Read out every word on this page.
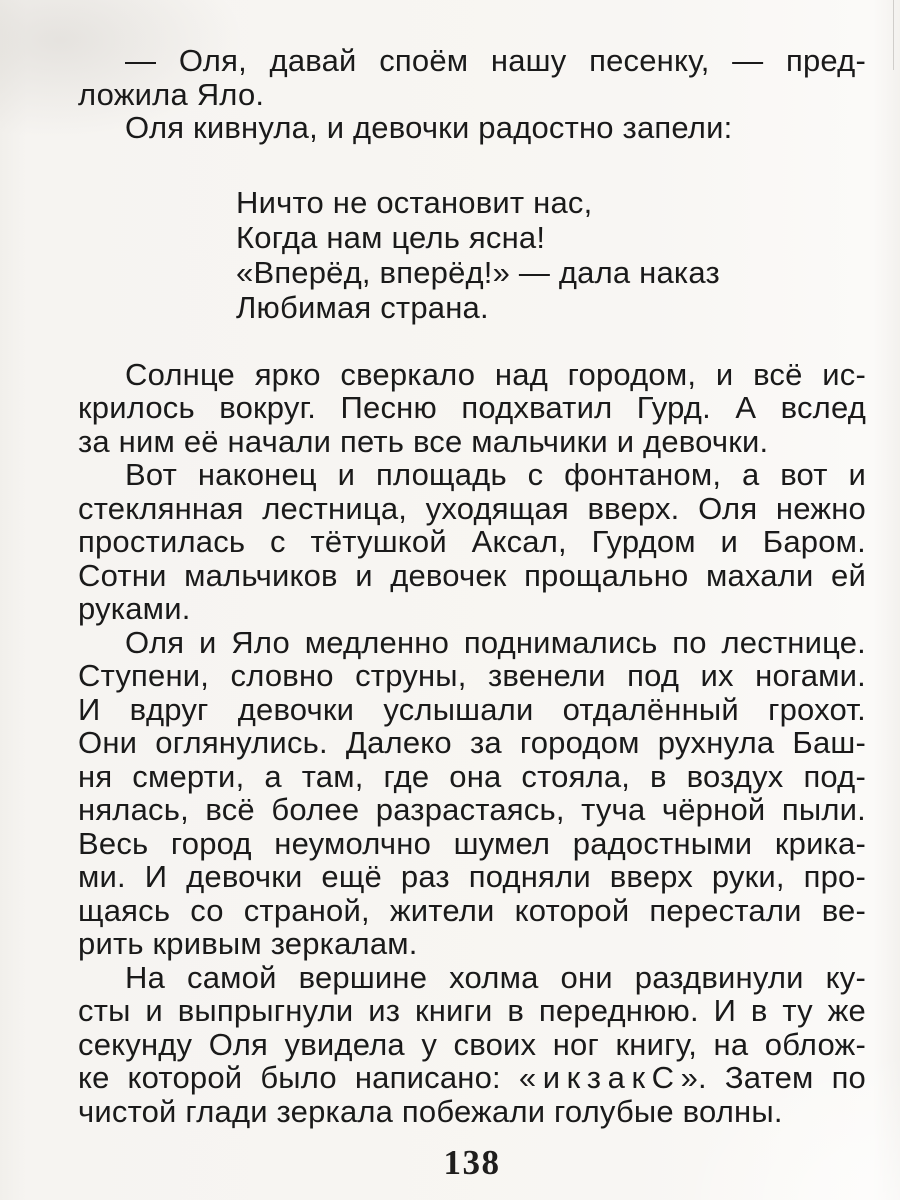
— Оля, давай споём нашу песенку, — пред-
ложила Яло.
Оля кивнула, и девочки радостно запели:
Ничто не остановит нас,
Когда нам цель ясна!
«Вперёд, вперёд!» — дала наказ
Любимая страна.
Солнце ярко сверкало над городом, и всё ис-
крилось вокруг. Песню подхватил Гурд. А вслед
за ним её начали петь все мальчики и девочки.
Вот наконец и площадь с фонтаном, а вот и
стеклянная лестница, уходящая вверх. Оля нежно
простилась с тётушкой Аксал, Гурдом и Баром.
Сотни мальчиков и девочек прощально махали ей
руками.
Оля и Яло медленно поднимались по лестнице.
Ступени, словно струны, звенели под их ногами.
И вдруг девочки услышали отдалённый грохот.
Они оглянулись. Далеко за городом рухнула Баш-
ня смерти, а там, где она стояла, в воздух под-
нялась, всё более разрастаясь, туча чёрной пыли.
Весь город неумолчно шумел радостными крика-
ми. И девочки ещё раз подняли вверх руки, про-
щаясь со страной, жители которой перестали ве-
рить кривым зеркалам.
На самой вершине холма они раздвинули ку-
сты и выпрыгнули из книги в переднюю. И в ту же
секунду Оля увидела у своих ног книгу, на облож-
ке которой было написано: « и к з а к С ». Затем по
чистой глади зеркала побежали голубые волны.
138
